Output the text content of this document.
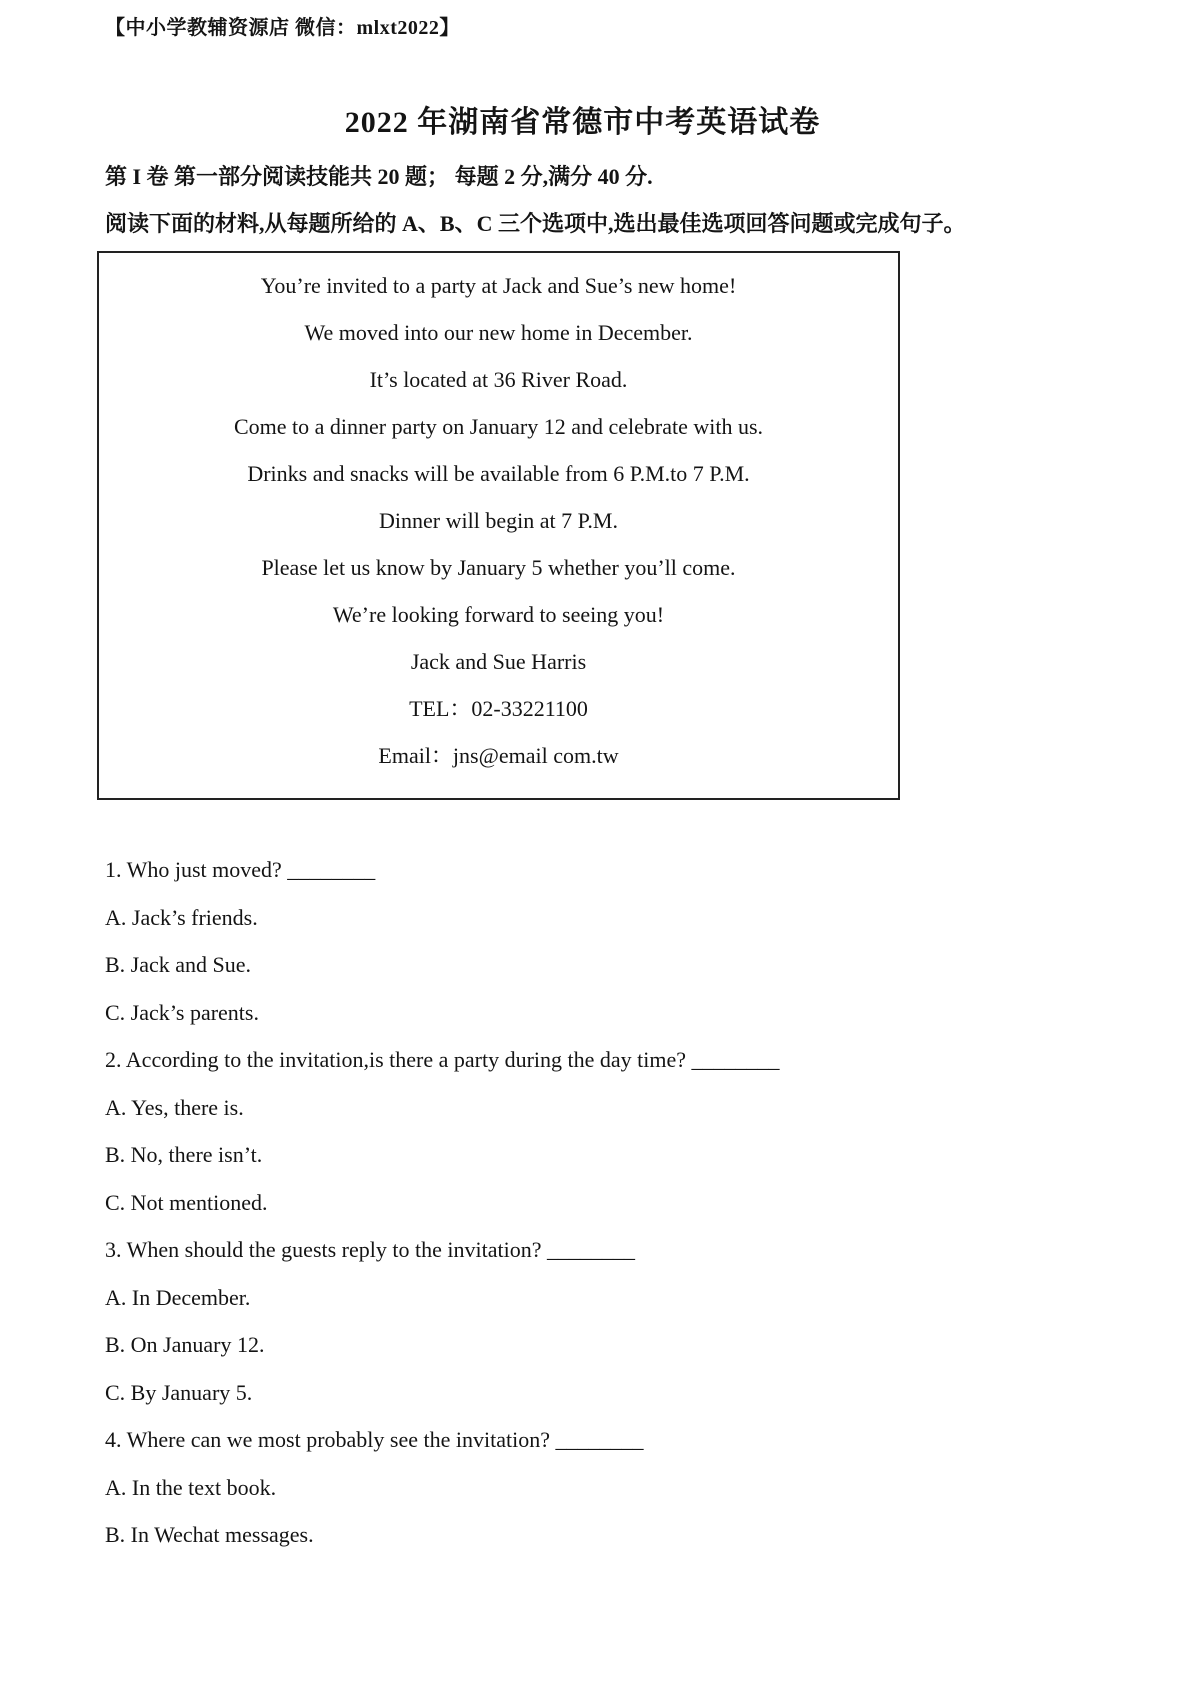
【中小学教辅资源店 微信：mlxt2022】
2022 年湖南省常德市中考英语试卷
第 I 卷 第一部分阅读技能共 20 题； 每题 2 分,满分 40 分.
阅读下面的材料,从每题所给的 A、B、C 三个选项中,选出最佳选项回答问题或完成句子。
You’re invited to a party at Jack and Sue’s new home!
We moved into our new home in December.
It’s located at 36 River Road.
Come to a dinner party on January 12 and celebrate with us.
Drinks and snacks will be available from 6 P.M.to 7 P.M.
Dinner will begin at 7 P.M.
Please let us know by January 5 whether you’ll come.
We’re looking forward to seeing you!
Jack and Sue Harris
TEL：02-33221100
Email：jns@email com.tw
1. Who just moved? ________
A. Jack’s friends.
B. Jack and Sue.
C. Jack’s parents.
2. According to the invitation,is there a party during the day time? ________
A. Yes, there is.
B. No, there isn’t.
C. Not mentioned.
3. When should the guests reply to the invitation? ________
A. In December.
B. On January 12.
C. By January 5.
4. Where can we most probably see the invitation? ________
A. In the text book.
B. In Wechat messages.
